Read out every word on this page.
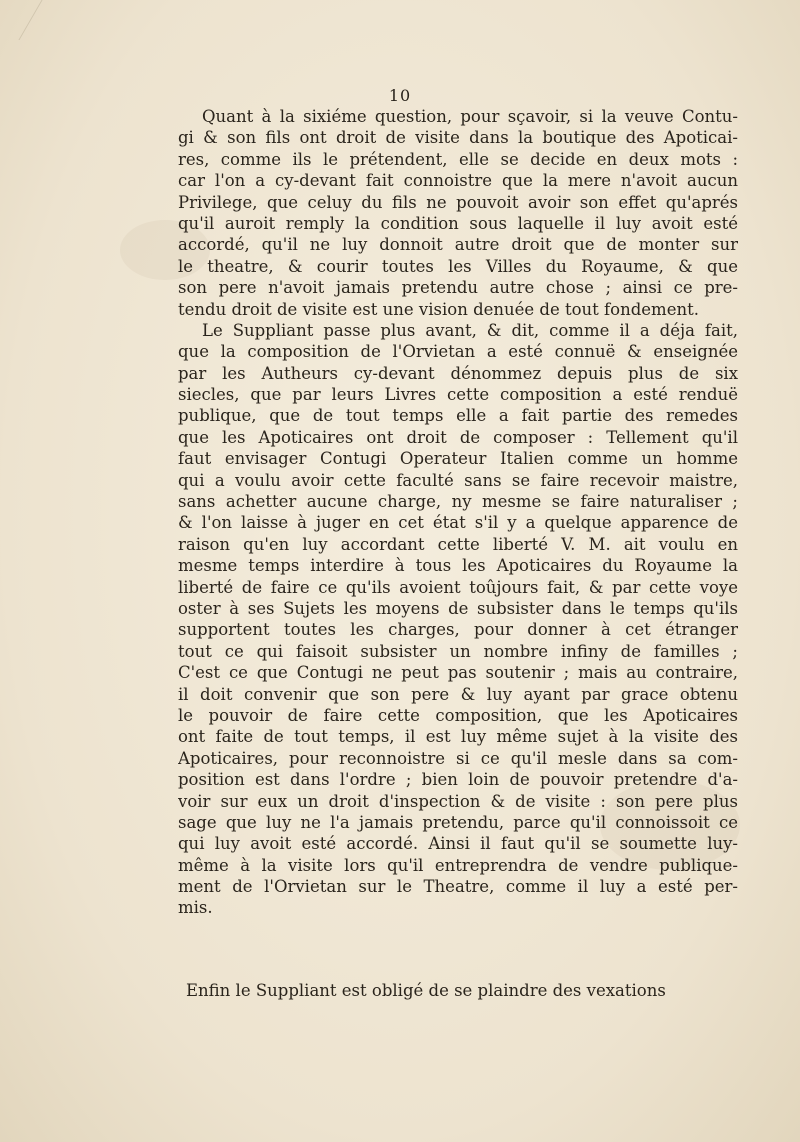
10
Quant à la sixiéme question, pour sçavoir, si la veuve Contu-
gi & son fils ont droit de visite dans la boutique des Apoticai-
res, comme ils le prétendent, elle se decide en deux mots :
car l'on a cy-devant fait connoistre que la mere n'avoit aucun
Privilege, que celuy du fils ne pouvoit avoir son effet qu'aprés
qu'il auroit remply la condition sous laquelle il luy avoit esté
accordé, qu'il ne luy donnoit autre droit que de monter sur
le theatre, & courir toutes les Villes du Royaume, & que
son pere n'avoit jamais pretendu autre chose ; ainsi ce pre-
tendu droit de visite est une vision denuée de tout fondement.
Le Suppliant passe plus avant, & dit, comme il a déja fait,
que la composition de l'Orvietan a esté connuë & enseignée
par les Autheurs cy-devant dénommez depuis plus de six
siecles, que par leurs Livres cette composition a esté renduë
publique, que de tout temps elle a fait partie des remedes
que les Apoticaires ont droit de composer : Tellement qu'il
faut envisager Contugi Operateur Italien comme un homme
qui a voulu avoir cette faculté sans se faire recevoir maistre,
sans achetter aucune charge, ny mesme se faire naturaliser ;
& l'on laisse à juger en cet état s'il y a quelque apparence de
raison qu'en luy accordant cette liberté V. M. ait voulu en
mesme temps interdire à tous les Apoticaires du Royaume la
liberté de faire ce qu'ils avoient toûjours fait, & par cette voye
oster à ses Sujets les moyens de subsister dans le temps qu'ils
supportent toutes les charges, pour donner à cet étranger
tout ce qui faisoit subsister un nombre infiny de familles ;
C'est ce que Contugi ne peut pas soutenir ; mais au contraire,
il doit convenir que son pere & luy ayant par grace obtenu
le pouvoir de faire cette composition, que les Apoticaires
ont faite de tout temps, il est luy même sujet à la visite des
Apoticaires, pour reconnoistre si ce qu'il mesle dans sa com-
position est dans l'ordre ; bien loin de pouvoir pretendre d'a-
voir sur eux un droit d'inspection & de visite : son pere plus
sage que luy ne l'a jamais pretendu, parce qu'il connoissoit ce
qui luy avoit esté accordé. Ainsi il faut qu'il se soumette luy-
même à la visite lors qu'il entreprendra de vendre publique-
ment de l'Orvietan sur le Theatre, comme il luy a esté per-
mis.
Enfin le Suppliant est obligé de se plaindre des vexations
